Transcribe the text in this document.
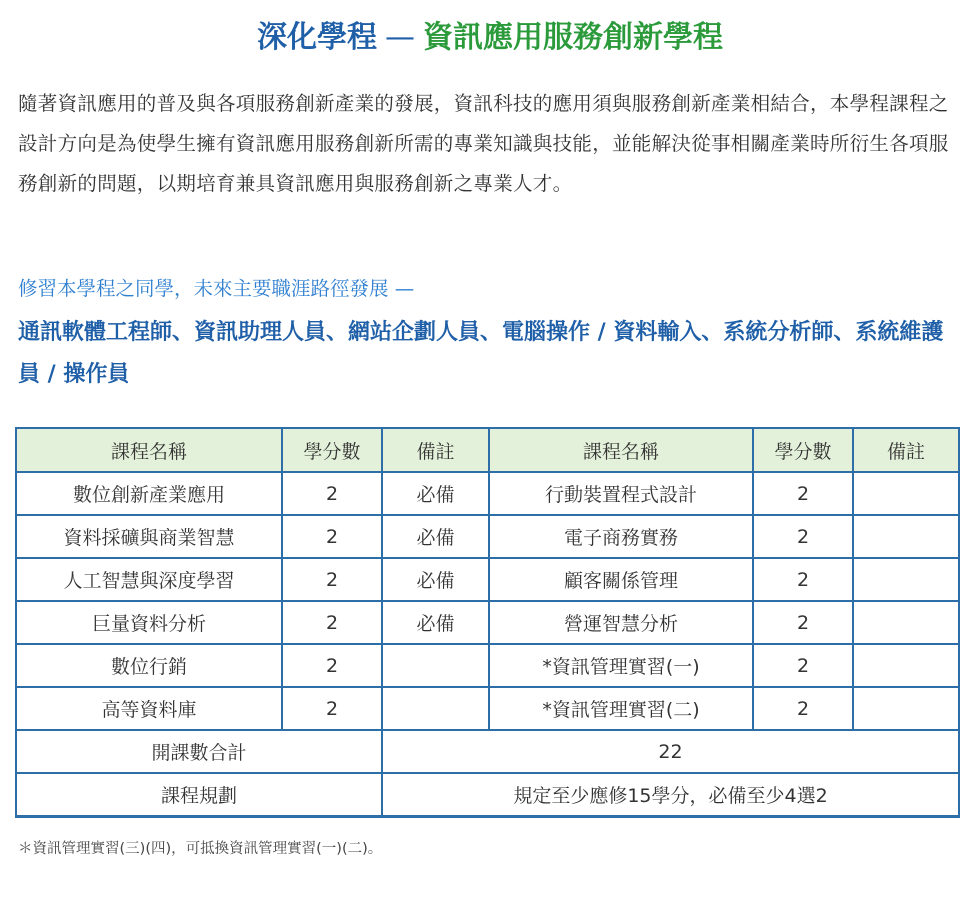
深化學程 — 資訊應用服務創新學程

隨著資訊應用的普及與各項服務創新產業的發展，資訊科技的應用須與服務創新產業相結合，本學程課程之設計方向是為使學生擁有資訊應用服務創新所需的專業知識與技能，並能解決從事相關產業時所衍生各項服務創新的問題，以期培育兼具資訊應用與服務創新之專業人才。

修習本學程之同學，未來主要職涯路徑發展 —
通訊軟體工程師、資訊助理人員、網站企劃人員、電腦操作 / 資料輸入、系統分析師、系統維護員 / 操作員
課程名稱	學分數	備註	課程名稱	學分數	備註
數位創新產業應用	2	必備	行動裝置程式設計	2	
資料採礦與商業智慧	2	必備	電子商務實務	2	
人工智慧與深度學習	2	必備	顧客關係管理	2	
巨量資料分析	2	必備	營運智慧分析	2	
數位行銷	2		*資訊管理實習(一)	2	
高等資料庫	2		*資訊管理實習(二)	2	
開課數合計		22			
課程規劃		規定至少應修15學分，必備至少4選2			
＊資訊管理實習(三)(四)，可抵換資訊管理實習(一)(二)。
